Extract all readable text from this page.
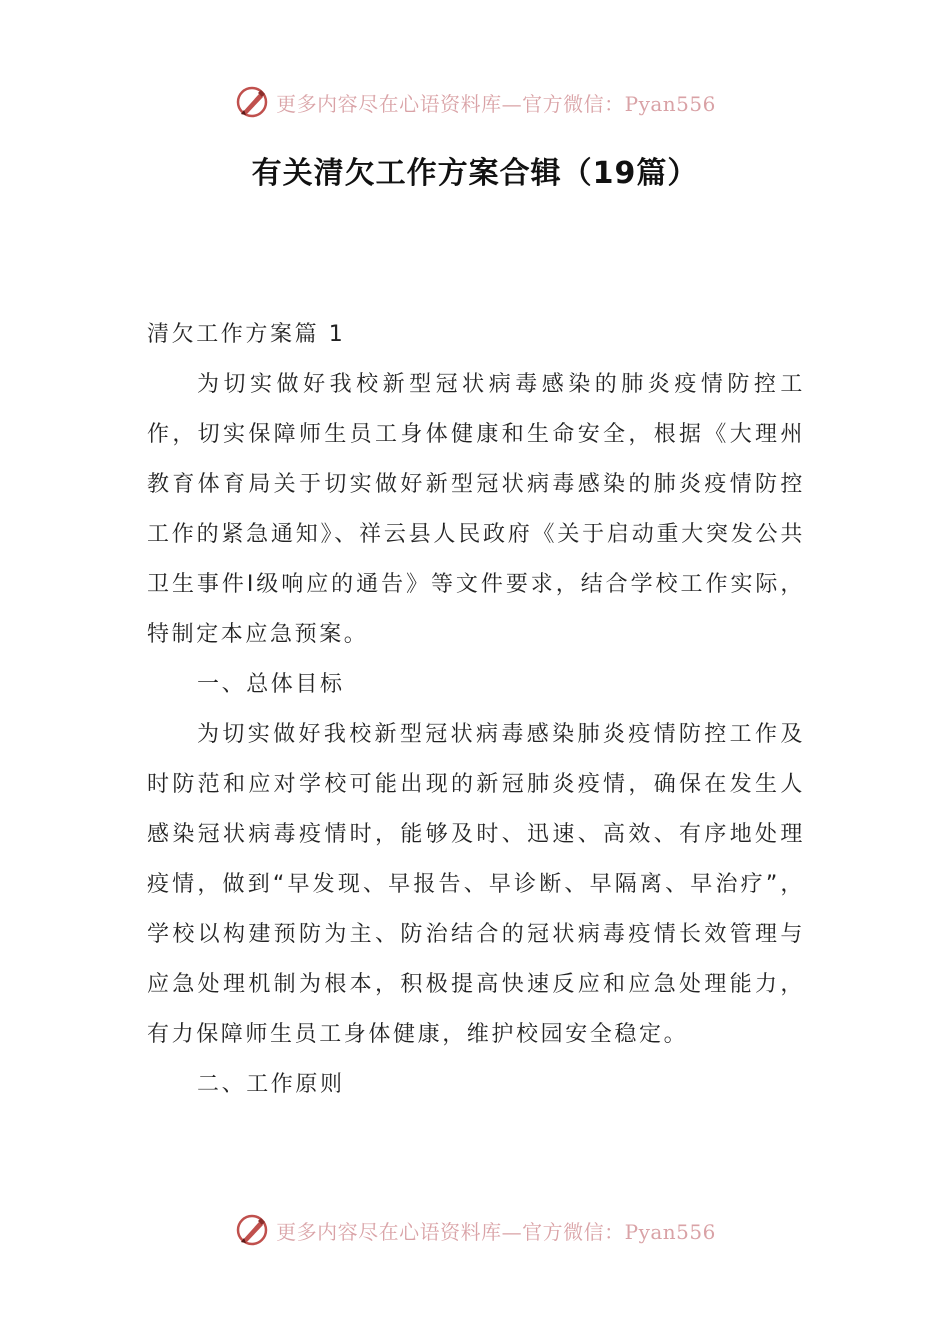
更多内容尽在心语资料库—官方微信：Pyan556
有关清欠工作方案合辑（19篇）

清欠工作方案篇 1

为切实做好我校新型冠状病毒感染的肺炎疫情防控工作，切实保障师生员工身体健康和生命安全，根据《大理州教育体育局关于切实做好新型冠状病毒感染的肺炎疫情防控工作的紧急通知》、祥云县人民政府《关于启动重大突发公共卫生事件Ⅰ级响应的通告》等文件要求，结合学校工作实际，特制定本应急预案。

一、总体目标

为切实做好我校新型冠状病毒感染肺炎疫情防控工作及时防范和应对学校可能出现的新冠肺炎疫情，确保在发生人感染冠状病毒疫情时，能够及时、迅速、高效、有序地处理疫情，做到“早发现、早报告、早诊断、早隔离、早治疗”，学校以构建预防为主、防治结合的冠状病毒疫情长效管理与应急处理机制为根本，积极提高快速反应和应急处理能力，有力保障师生员工身体健康，维护校园安全稳定。

二、工作原则

更多内容尽在心语资料库—官方微信：Pyan556
